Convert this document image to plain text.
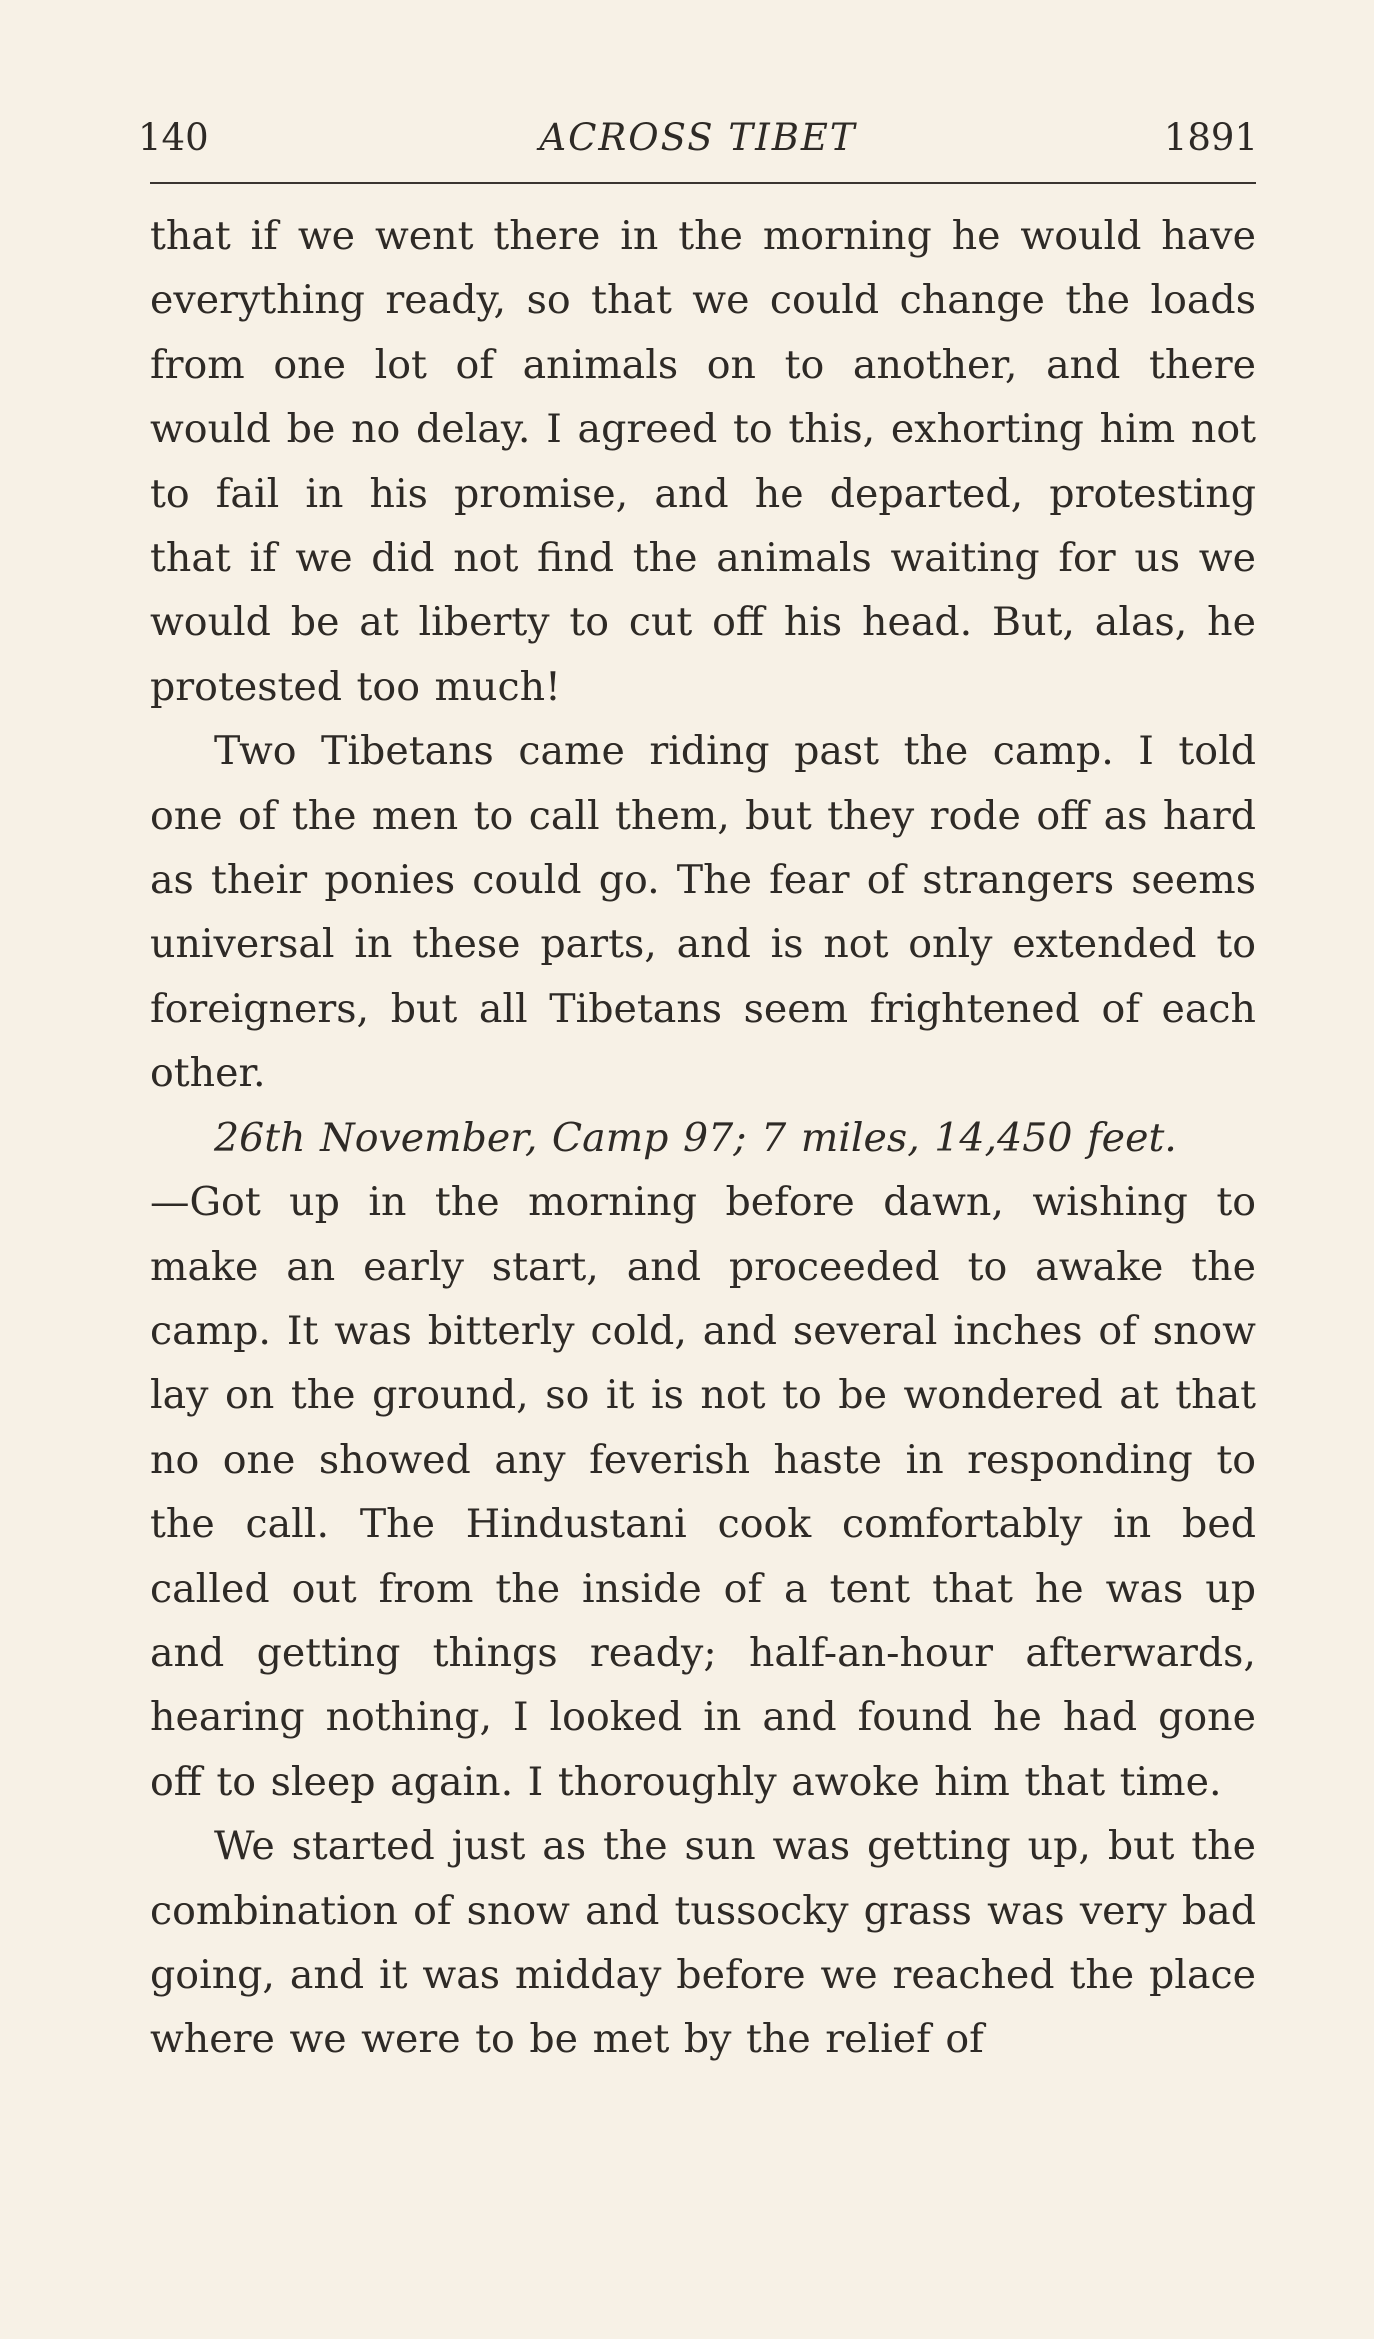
140	ACROSS TIBET	1891

that if we went there in the morning he would have everything ready, so that we could change the loads from one lot of animals on to another, and there would be no delay. I agreed to this, exhorting him not to fail in his promise, and he departed, protesting that if we did not find the animals waiting for us we would be at liberty to cut off his head. But, alas, he protested too much!

Two Tibetans came riding past the camp. I told one of the men to call them, but they rode off as hard as their ponies could go. The fear of strangers seems universal in these parts, and is not only extended to foreigners, but all Tibetans seem frightened of each other.

26th November, Camp 97; 7 miles, 14,450 feet.
—Got up in the morning before dawn, wishing to make an early start, and proceeded to awake the camp. It was bitterly cold, and several inches of snow lay on the ground, so it is not to be wondered at that no one showed any feverish haste in responding to the call. The Hindustani cook comfortably in bed called out from the inside of a tent that he was up and getting things ready; half-an-hour afterwards, hearing nothing, I looked in and found he had gone off to sleep again. I thoroughly awoke him that time.

We started just as the sun was getting up, but the combination of snow and tussocky grass was very bad going, and it was midday before we reached the place where we were to be met by the relief of
